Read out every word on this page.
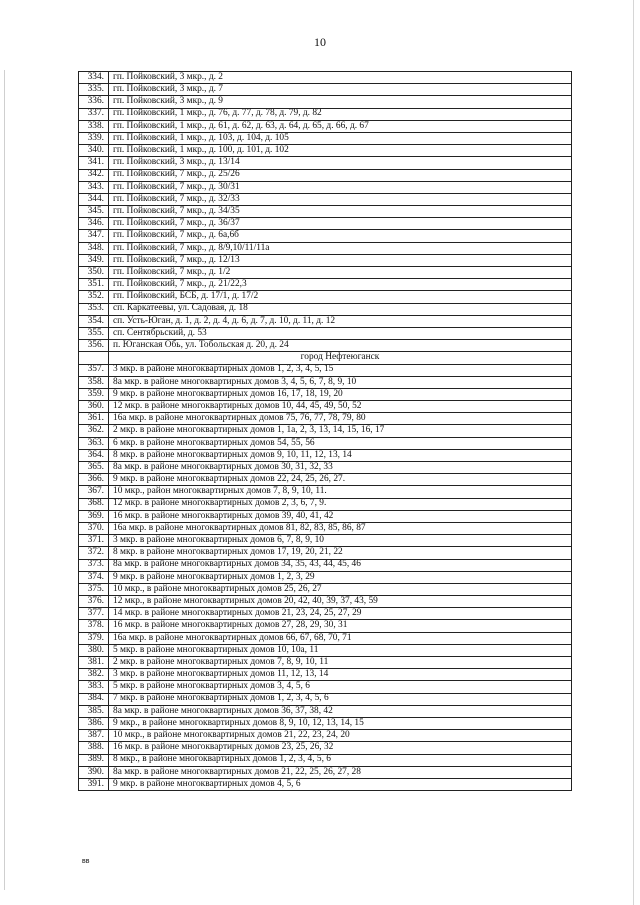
10
334.	гп. Пойковский, 3 мкр., д. 2
335.	гп. Пойковский, 3 мкр., д. 7
336.	гп. Пойковский, 3 мкр., д. 9
337.	гп. Пойковский, 1 мкр., д. 76, д. 77, д. 78, д. 79, д. 82
338.	гп. Пойковский, 1 мкр., д. 61, д. 62, д. 63, д. 64, д. 65, д. 66, д. 67
339.	гп. Пойковский, 1 мкр., д. 103, д. 104, д. 105
340.	гп. Пойковский, 1 мкр., д. 100, д. 101, д. 102
341.	гп. Пойковский, 3 мкр., д. 13/14
342.	гп. Пойковский, 7 мкр., д. 25/26
343.	гп. Пойковский, 7 мкр., д. 30/31
344.	гп. Пойковский, 7 мкр., д. 32/33
345.	гп. Пойковский, 7 мкр., д. 34/35
346.	гп. Пойковский, 7 мкр., д. 36/37
347.	гп. Пойковский, 7 мкр., д. 6а,6б
348.	гп. Пойковский, 7 мкр., д. 8/9,10/11/11а
349.	гп. Пойковский, 7 мкр., д. 12/13
350.	гп. Пойковский, 7 мкр., д. 1/2
351.	гп. Пойковский, 7 мкр., д. 21/22,3
352.	гп. Пойковский, БСБ, д. 17/1, д. 17/2
353.	сп. Каркатеевы, ул. Садовая, д. 18
354.	сп. Усть-Юган, д. 1, д. 2, д. 4, д. 6, д. 7, д. 10, д. 11, д. 12
355.	сп. Сентябрьский, д. 53
356.	п. Юганская Обь, ул. Тобольская д. 20, д. 24
	город Нефтеюганск
357.	3 мкр. в районе многоквартирных домов 1, 2, 3, 4, 5, 15
358.	8а мкр. в районе многоквартирных домов 3, 4, 5, 6, 7, 8, 9, 10
359.	9 мкр. в районе многоквартирных домов 16, 17, 18, 19, 20
360.	12 мкр. в районе многоквартирных домов 10, 44, 45, 49, 50, 52
361.	16а мкр. в районе многоквартирных домов 75, 76, 77, 78, 79, 80
362.	2 мкр. в районе многоквартирных домов 1, 1а, 2, 3, 13, 14, 15, 16, 17
363.	6 мкр. в районе многоквартирных домов 54, 55, 56
364.	8 мкр. в районе многоквартирных домов 9, 10, 11, 12, 13, 14
365.	8а мкр. в районе многоквартирных домов 30, 31, 32, 33
366.	9 мкр. в районе многоквартирных домов 22, 24, 25, 26, 27.
367.	10 мкр., район многоквартирных домов 7, 8, 9, 10, 11.
368.	12 мкр. в районе многоквартирных домов 2, 3, 6, 7, 9.
369.	16 мкр. в районе многоквартирных домов 39, 40, 41, 42
370.	16а мкр. в районе многоквартирных домов 81, 82, 83, 85, 86, 87
371.	3 мкр. в районе многоквартирных домов 6, 7, 8, 9, 10
372.	8 мкр. в районе многоквартирных домов 17, 19, 20, 21, 22
373.	8а мкр. в районе многоквартирных домов 34, 35, 43, 44, 45, 46
374.	9 мкр. в районе многоквартирных домов 1, 2, 3, 29
375.	10 мкр., в районе многоквартирных домов 25, 26, 27
376.	12 мкр., в районе многоквартирных домов 20, 42, 40, 39, 37, 43, 59
377.	14 мкр. в районе многоквартирных домов 21, 23, 24, 25, 27, 29
378.	16 мкр. в районе многоквартирных домов 27, 28, 29, 30, 31
379.	16а мкр. в районе многоквартирных домов 66, 67, 68, 70, 71
380.	5 мкр. в районе многоквартирных домов 10, 10а, 11
381.	2 мкр. в районе многоквартирных домов 7, 8, 9, 10, 11
382.	3 мкр. в районе многоквартирных домов 11, 12, 13, 14
383.	5 мкр. в районе многоквартирных домов 3, 4, 5, 6
384.	7 мкр. в районе многоквартирных домов 1, 2, 3, 4, 5, 6
385.	8а мкр. в районе многоквартирных домов 36, 37, 38, 42
386.	9 мкр., в районе многоквартирных домов 8, 9, 10, 12, 13, 14, 15
387.	10 мкр., в районе многоквартирных домов 21, 22, 23, 24, 20
388.	16 мкр. в районе многоквартирных домов 23, 25, 26, 32
389.	8 мкр., в районе многоквартирных домов 1, 2, 3, 4, 5, 6
390.	8а мкр. в районе многоквартирных домов 21, 22, 25, 26, 27, 28
391.	9 мкр. в районе многоквартирных домов 4, 5, 6
вв
